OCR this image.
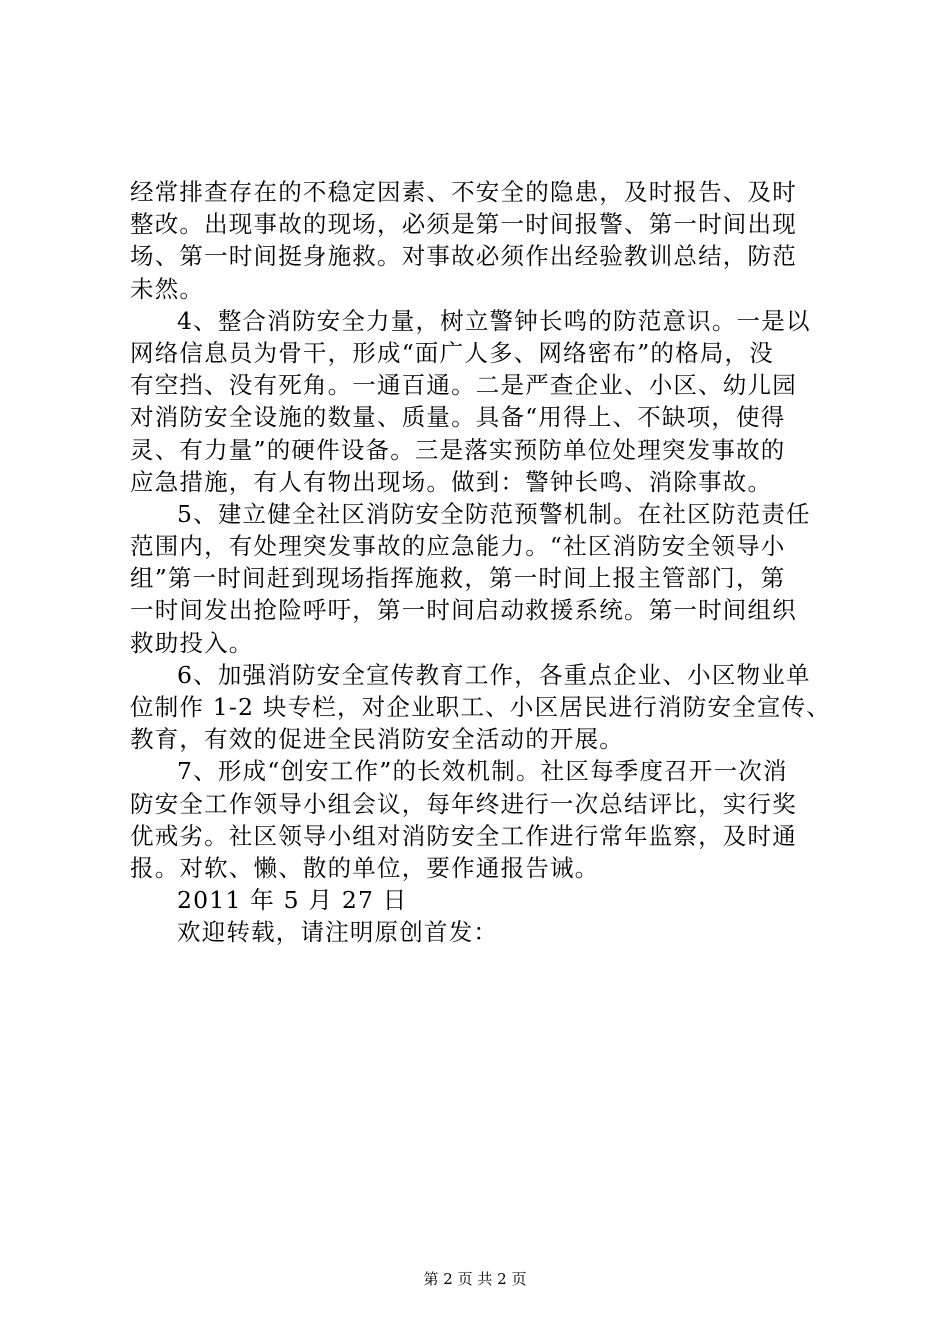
经常排查存在的不稳定因素、不安全的隐患，及时报告、及时
整改。出现事故的现场，必须是第一时间报警、第一时间出现
场、第一时间挺身施救。对事故必须作出经验教训总结，防范
未然。
4、整合消防安全力量，树立警钟长鸣的防范意识。一是以
网络信息员为骨干，形成“面广人多、网络密布”的格局，没
有空挡、没有死角。一通百通。二是严查企业、小区、幼儿园
对消防安全设施的数量、质量。具备“用得上、不缺项，使得
灵、有力量”的硬件设备。三是落实预防单位处理突发事故的
应急措施，有人有物出现场。做到：警钟长鸣、消除事故。
5、建立健全社区消防安全防范预警机制。在社区防范责任
范围内，有处理突发事故的应急能力。“社区消防安全领导小
组”第一时间赶到现场指挥施救，第一时间上报主管部门，第
一时间发出抢险呼吁，第一时间启动救援系统。第一时间组织
救助投入。
6、加强消防安全宣传教育工作，各重点企业、小区物业单
位制作 1-2 块专栏，对企业职工、小区居民进行消防安全宣传、
教育，有效的促进全民消防安全活动的开展。
7、形成“创安工作”的长效机制。社区每季度召开一次消
防安全工作领导小组会议，每年终进行一次总结评比，实行奖
优戒劣。社区领导小组对消防安全工作进行常年监察，及时通
报。对软、懒、散的单位，要作通报告诫。
2011 年 5 月 27 日
欢迎转载，请注明原创首发：
第 2 页 共 2 页
